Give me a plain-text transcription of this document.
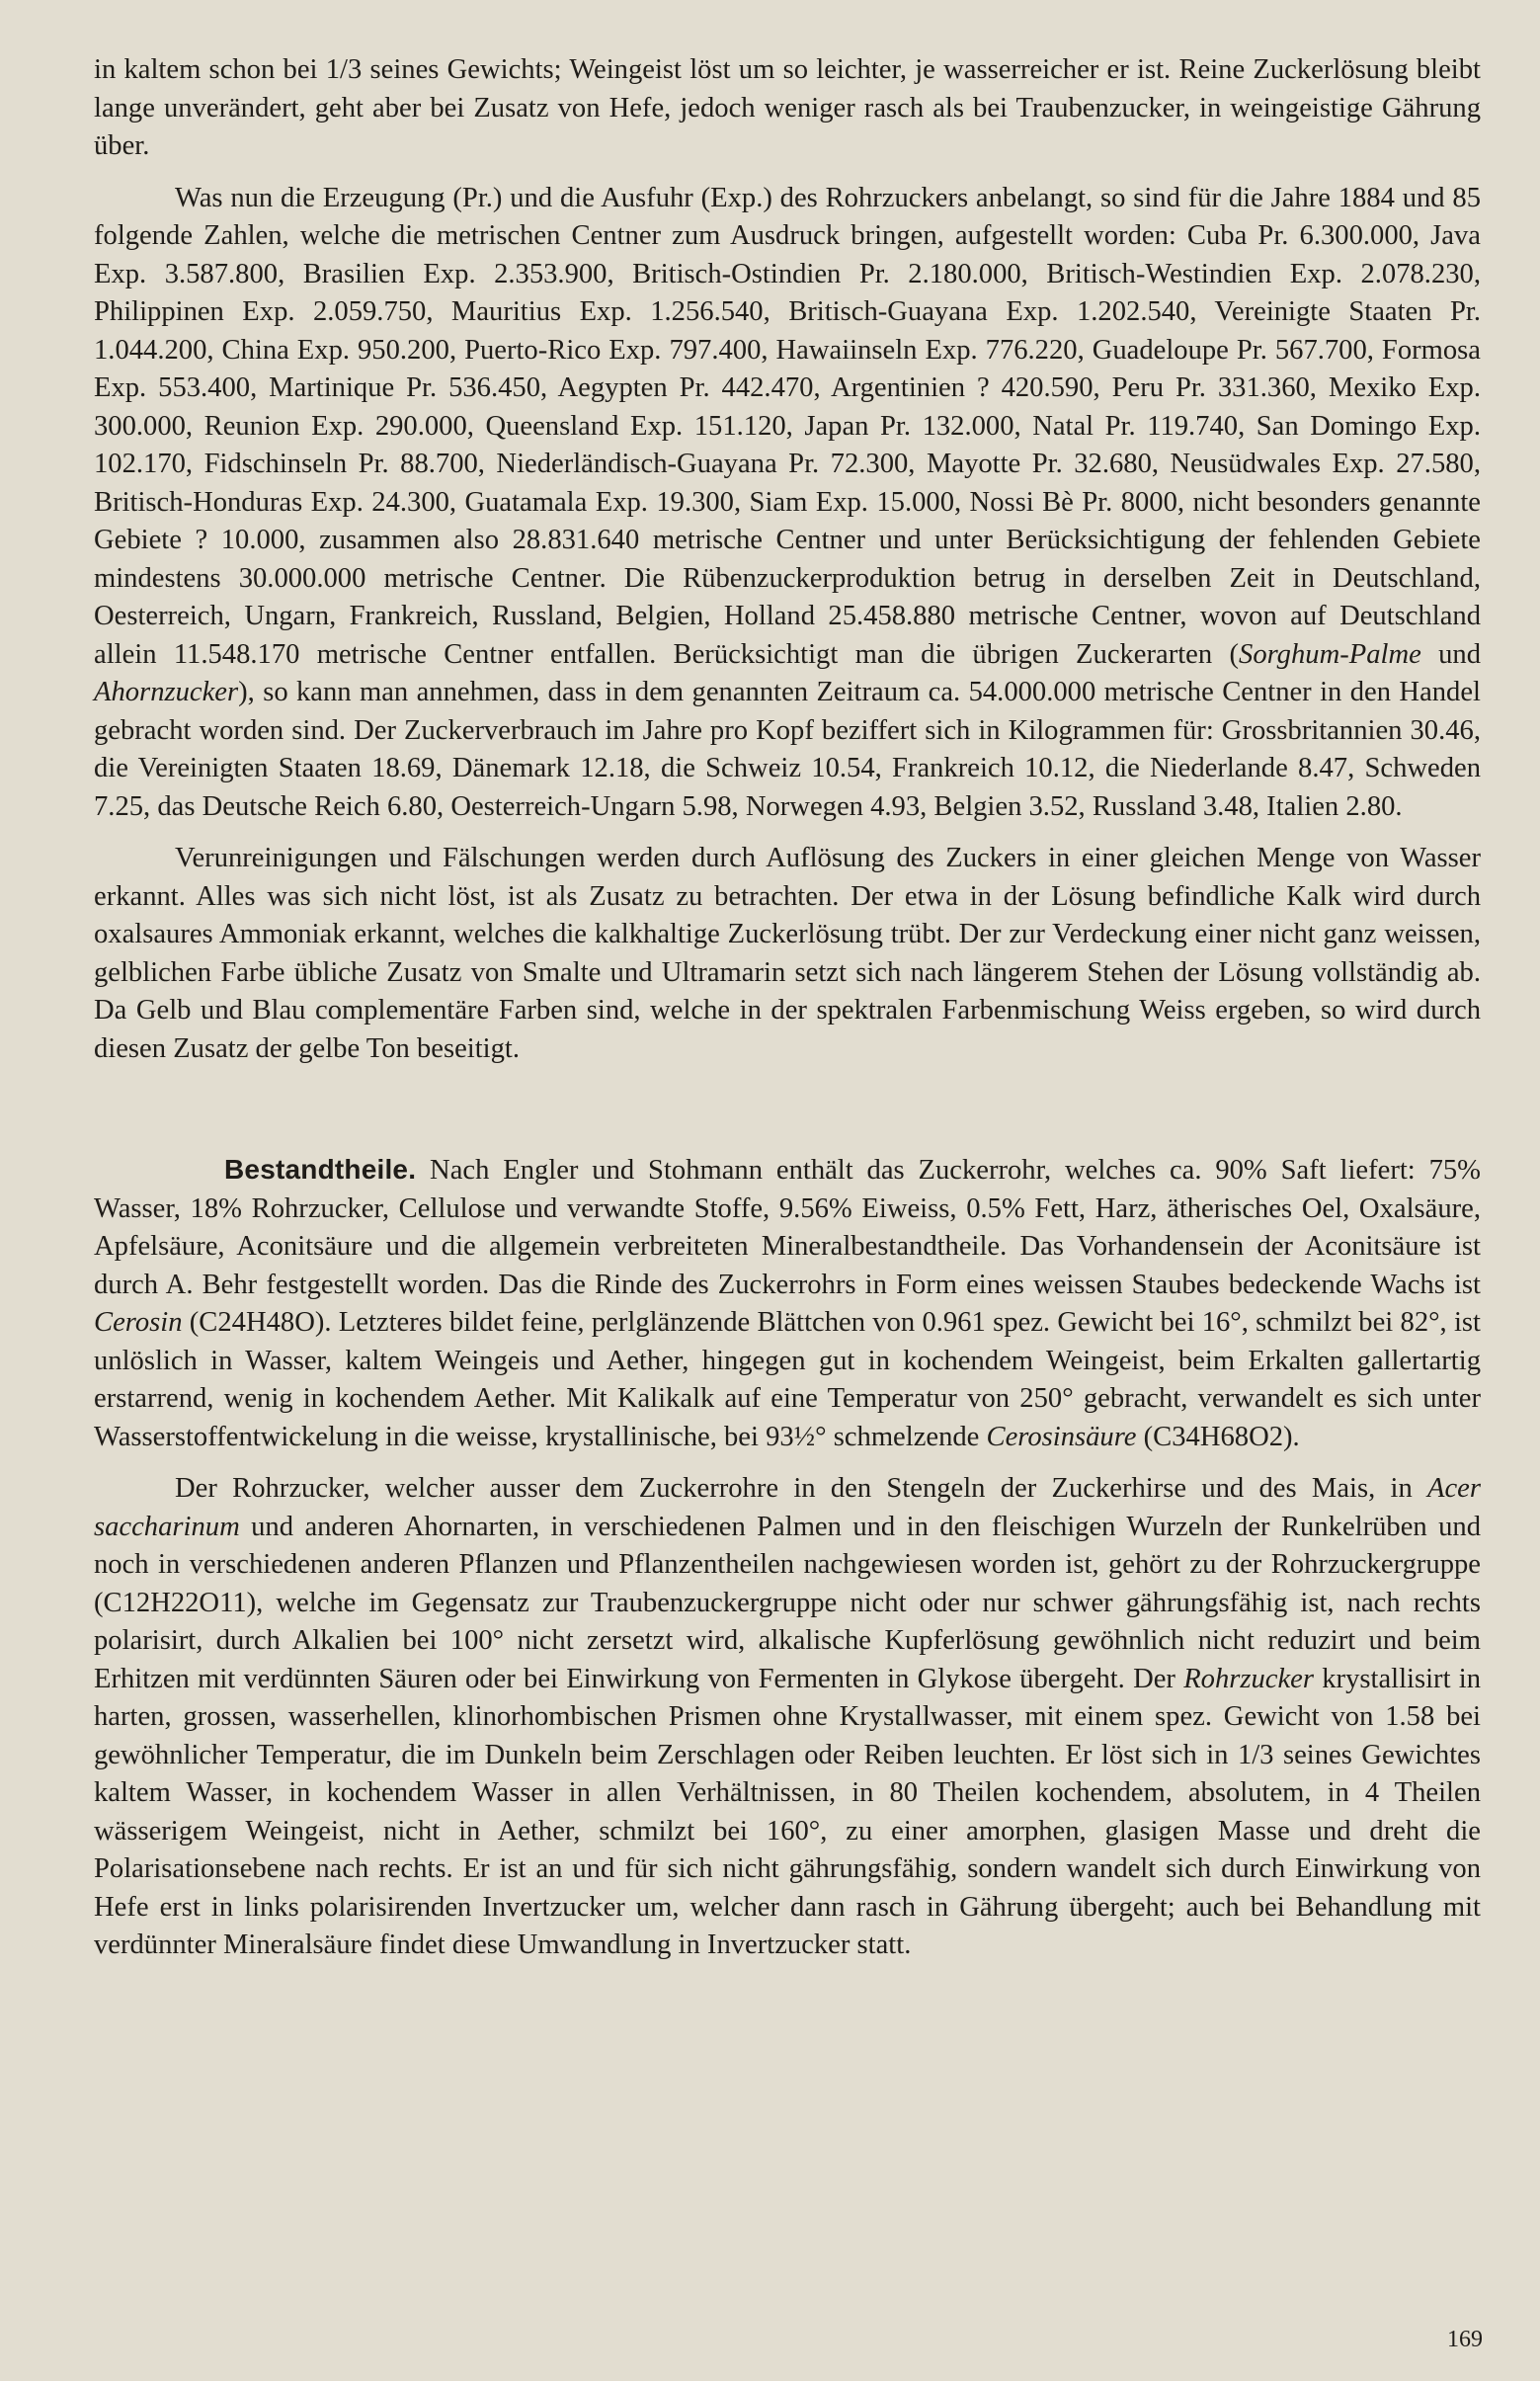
in kaltem schon bei 1/3 seines Gewichts; Weingeist löst um so leichter, je wasserreicher er ist. Reine Zuckerlösung bleibt lange unverändert, geht aber bei Zusatz von Hefe, jedoch weniger rasch als bei Traubenzucker, in weingeistige Gährung über.

Was nun die Erzeugung (Pr.) und die Ausfuhr (Exp.) des Rohrzuckers anbelangt, so sind für die Jahre 1884 und 85 folgende Zahlen, welche die metrischen Centner zum Ausdruck bringen, aufgestellt worden: Cuba Pr. 6.300.000, Java Exp. 3.587.800, Brasilien Exp. 2.353.900, Britisch-Ostindien Pr. 2.180.000, Britisch-Westindien Exp. 2.078.230, Philippinen Exp. 2.059.750, Mauritius Exp. 1.256.540, Britisch-Guayana Exp. 1.202.540, Vereinigte Staaten Pr. 1.044.200, China Exp. 950.200, Puerto-Rico Exp. 797.400, Hawaiinseln Exp. 776.220, Guadeloupe Pr. 567.700, Formosa Exp. 553.400, Martinique Pr. 536.450, Aegypten Pr. 442.470, Argentinien ? 420.590, Peru Pr. 331.360, Mexiko Exp. 300.000, Reunion Exp. 290.000, Queensland Exp. 151.120, Japan Pr. 132.000, Natal Pr. 119.740, San Domingo Exp. 102.170, Fidschinseln Pr. 88.700, Niederländisch-Guayana Pr. 72.300, Mayotte Pr. 32.680, Neusüdwales Exp. 27.580, Britisch-Honduras Exp. 24.300, Guatamala Exp. 19.300, Siam Exp. 15.000, Nossi Bè Pr. 8000, nicht besonders genannte Gebiete ? 10.000, zusammen also 28.831.640 metrische Centner und unter Berücksichtigung der fehlenden Gebiete mindestens 30.000.000 metrische Centner. Die Rübenzuckerproduktion betrug in derselben Zeit in Deutschland, Oesterreich, Ungarn, Frankreich, Russland, Belgien, Holland 25.458.880 metrische Centner, wovon auf Deutschland allein 11.548.170 metrische Centner entfallen. Berücksichtigt man die übrigen Zuckerarten (Sorghum-Palme und Ahornzucker), so kann man annehmen, dass in dem genannten Zeitraum ca. 54.000.000 metrische Centner in den Handel gebracht worden sind. Der Zuckerverbrauch im Jahre pro Kopf beziffert sich in Kilogrammen für: Grossbritannien 30.46, die Vereinigten Staaten 18.69, Dänemark 12.18, die Schweiz 10.54, Frankreich 10.12, die Niederlande 8.47, Schweden 7.25, das Deutsche Reich 6.80, Oesterreich-Ungarn 5.98, Norwegen 4.93, Belgien 3.52, Russland 3.48, Italien 2.80.

Verunreinigungen und Fälschungen werden durch Auflösung des Zuckers in einer gleichen Menge von Wasser erkannt. Alles was sich nicht löst, ist als Zusatz zu betrachten. Der etwa in der Lösung befindliche Kalk wird durch oxalsaures Ammoniak erkannt, welches die kalkhaltige Zuckerlösung trübt. Der zur Verdeckung einer nicht ganz weissen, gelblichen Farbe übliche Zusatz von Smalte und Ultramarin setzt sich nach längerem Stehen der Lösung vollständig ab. Da Gelb und Blau complementäre Farben sind, welche in der spektralen Farbenmischung Weiss ergeben, so wird durch diesen Zusatz der gelbe Ton beseitigt.

Bestandtheile. Nach Engler und Stohmann enthält das Zuckerrohr, welches ca. 90% Saft liefert: 75% Wasser, 18% Rohrzucker, Cellulose und verwandte Stoffe, 9.56% Eiweiss, 0.5% Fett, Harz, ätherisches Oel, Oxalsäure, Apfelsäure, Aconitsäure und die allgemein verbreiteten Mineralbestandtheile. Das Vorhandensein der Aconitsäure ist durch A. Behr festgestellt worden. Das die Rinde des Zuckerrohrs in Form eines weissen Staubes bedeckende Wachs ist Cerosin (C24H48O). Letzteres bildet feine, perlglänzende Blättchen von 0.961 spez. Gewicht bei 16°, schmilzt bei 82°, ist unlöslich in Wasser, kaltem Weingeis und Aether, hingegen gut in kochendem Weingeist, beim Erkalten gallertartig erstarrend, wenig in kochendem Aether. Mit Kalikalk auf eine Temperatur von 250° gebracht, verwandelt es sich unter Wasserstoffentwickelung in die weisse, krystallinische, bei 93½° schmelzende Cerosinsäure (C34H68O2).

Der Rohrzucker, welcher ausser dem Zuckerrohre in den Stengeln der Zuckerhirse und des Mais, in Acer saccharinum und anderen Ahornarten, in verschiedenen Palmen und in den fleischigen Wurzeln der Runkelrüben und noch in verschiedenen anderen Pflanzen und Pflanzentheilen nachgewiesen worden ist, gehört zu der Rohrzuckergruppe (C12H22O11), welche im Gegensatz zur Traubenzuckergruppe nicht oder nur schwer gährungsfähig ist, nach rechts polarisirt, durch Alkalien bei 100° nicht zersetzt wird, alkalische Kupferlösung gewöhnlich nicht reduzirt und beim Erhitzen mit verdünnten Säuren oder bei Einwirkung von Fermenten in Glykose übergeht. Der Rohrzucker krystallisirt in harten, grossen, wasserhellen, klinorhombischen Prismen ohne Krystallwasser, mit einem spez. Gewicht von 1.58 bei gewöhnlicher Temperatur, die im Dunkeln beim Zerschlagen oder Reiben leuchten. Er löst sich in 1/3 seines Gewichtes kaltem Wasser, in kochendem Wasser in allen Verhältnissen, in 80 Theilen kochendem, absolutem, in 4 Theilen wässerigem Weingeist, nicht in Aether, schmilzt bei 160°, zu einer amorphen, glasigen Masse und dreht die Polarisationsebene nach rechts. Er ist an und für sich nicht gährungsfähig, sondern wandelt sich durch Einwirkung von Hefe erst in links polarisirenden Invertzucker um, welcher dann rasch in Gährung übergeht; auch bei Behandlung mit verdünnter Mineralsäure findet diese Umwandlung in Invertzucker statt.

169
